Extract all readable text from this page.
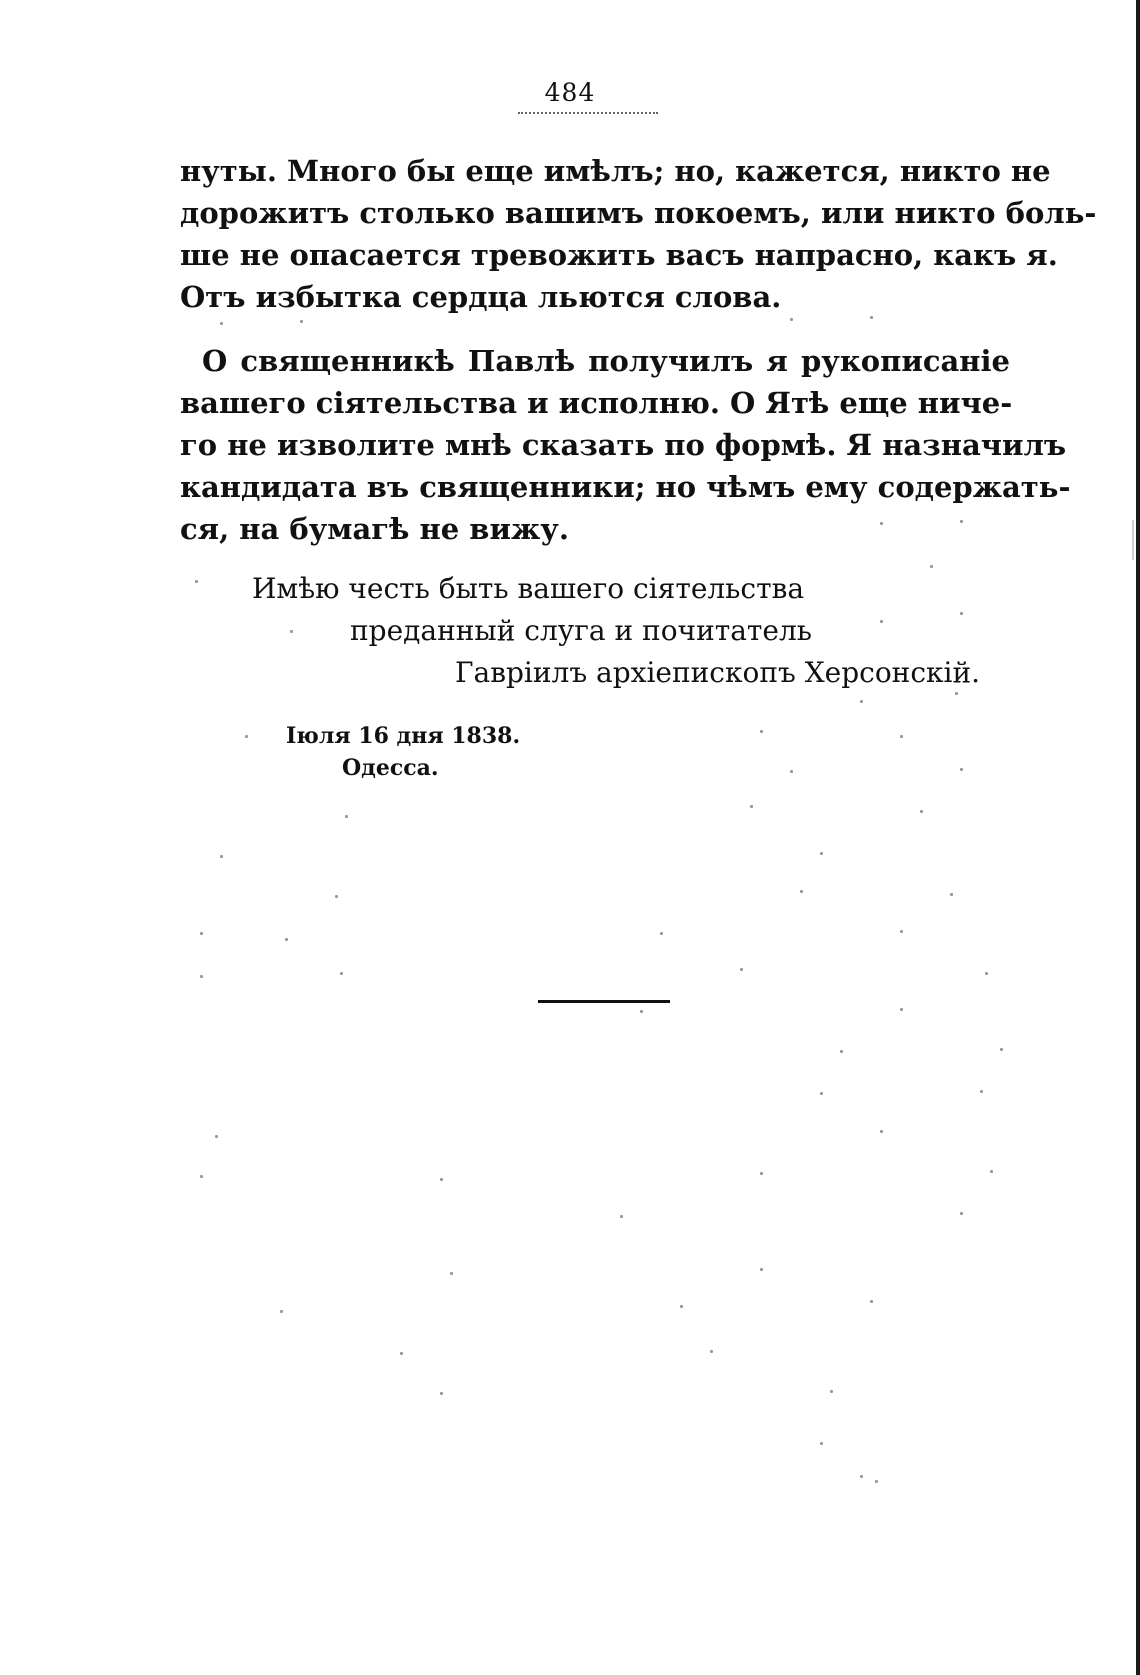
484
нуты. Много бы еще имѣлъ; но, кажется, никто не
дорожитъ столько вашимъ покоемъ, или никто боль-
ше не опасается тревожить васъ напрасно, какъ я.
Отъ избытка сердца льются слова.
О священникѣ Павлѣ получилъ я рукописаніе
вашего сіятельства и исполню. О Ятѣ еще ниче-
го не изволите мнѣ сказать по формѣ. Я назначилъ
кандидата въ священники; но чѣмъ ему содержать-
ся, на бумагѣ не вижу.
Имѣю честь быть вашего сіятельства
преданный слуга и почитатель
Гавріилъ архіепископъ Херсонскій.
Іюля 16 дня 1838.
Одесса.
